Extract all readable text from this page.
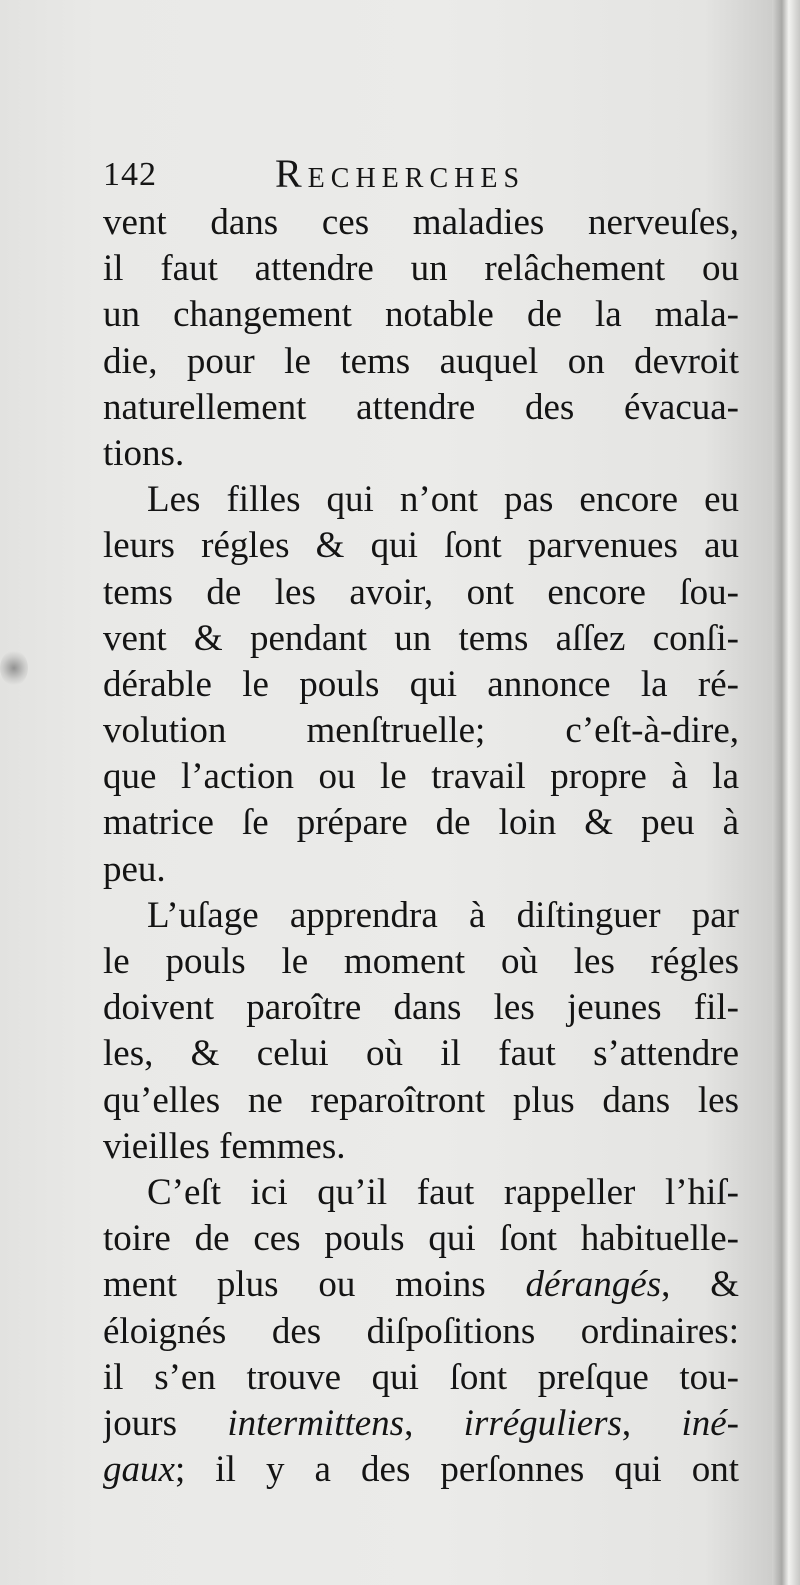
142	Recherches
vent dans ces maladies nerveuſes,
il faut attendre un relâchement ou
un changement notable de la mala-
die, pour le tems auquel on devroit
naturellement attendre des évacua-
tions.
Les filles qui n’ont pas encore eu
leurs régles & qui ſont parvenues au
tems de les avoir, ont encore ſou-
vent & pendant un tems aſſez conſi-
dérable le pouls qui annonce la ré-
volution menſtruelle; c’eſt-à-dire,
que l’action ou le travail propre à la
matrice ſe prépare de loin & peu à
peu.
L’uſage apprendra à diſtinguer par
le pouls le moment où les régles
doivent paroître dans les jeunes fil-
les, & celui où il faut s’attendre
qu’elles ne reparoîtront plus dans les
vieilles femmes.
C’eſt ici qu’il faut rappeller l’hiſ-
toire de ces pouls qui ſont habituelle-
ment plus ou moins dérangés, &
éloignés des diſpoſitions ordinaires:
il s’en trouve qui ſont preſque tou-
jours intermittens, irréguliers, iné-
gaux; il y a des perſonnes qui ont
